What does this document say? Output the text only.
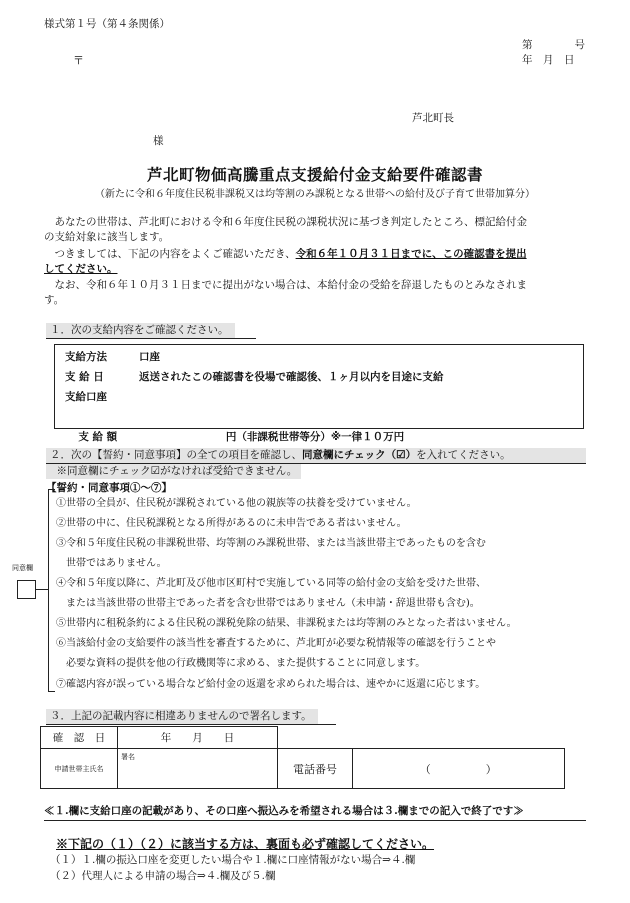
様式第１号（第４条関係）
〒
第　　　　号
年　月　日
芦北町長
様
芦北町物価高騰重点支援給付金支給要件確認書
（新たに令和６年度住民税非課税又は均等割のみ課税となる世帯への給付及び子育て世帯加算分）
　あなたの世帯は、芦北町における令和６年度住民税の課税状況に基づき判定したところ、標記給付金
の支給対象に該当します。
　つきましては、下記の内容をよくご確認いただき、令和６年１０月３１日までに、この確認書を提出
してください。
　なお、令和６年１０月３１日までに提出がない場合は、本給付金の受給を辞退したものとみなされま
す。
１．次の支給内容をご確認ください。
支給方法	口座
支 給 日	返送されたこの確認書を役場で確認後、１ヶ月以内を目途に支給
支給口座

支 給 額	　　　　　　　円（非課税世帯等分）※一律１０万円

２．次の【誓約・同意事項】の全ての項目を確認し、同意欄にチェック（☑）を入れてください。
　※同意欄にチェック☑がなければ受給できません。
【誓約・同意事項①～⑦】
同意欄
①世帯の全員が、住民税が課税されている他の親族等の扶養を受けていません。
②世帯の中に、住民税課税となる所得があるのに未申告である者はいません。
③令和５年度住民税の非課税世帯、均等割のみ課税世帯、または当該世帯主であったものを含む
　世帯ではありません。
④令和５年度以降に、芦北町及び他市区町村で実施している同等の給付金の支給を受けた世帯、
　または当該世帯の世帯主であった者を含む世帯ではありません（未申請・辞退世帯も含む)。
⑤世帯内に租税条約による住民税の課税免除の結果、非課税または均等割のみとなった者はいません。
⑥当該給付金の支給要件の該当性を審査するために、芦北町が必要な税情報等の確認を行うことや
　必要な資料の提供を他の行政機関等に求める、また提供することに同意します。
⑦確認内容が誤っている場合など給付金の返還を求められた場合は、速やかに返還に応じます。
３．上記の記載内容に相違ありませんので署名します。
確　認　日	年　　月　　日	
申請世帯主氏名	署名	電話番号 （　　　　　）
≪１.欄に支給口座の記載があり、その口座へ振込みを希望される場合は３.欄までの記入で終了です≫
※下記の（１）（２）に該当する方は、裏面も必ず確認してください。
（１）１.欄の振込口座を変更したい場合や１.欄に口座情報がない場合⇒４.欄
（２）代理人による申請の場合⇒４.欄及び５.欄
